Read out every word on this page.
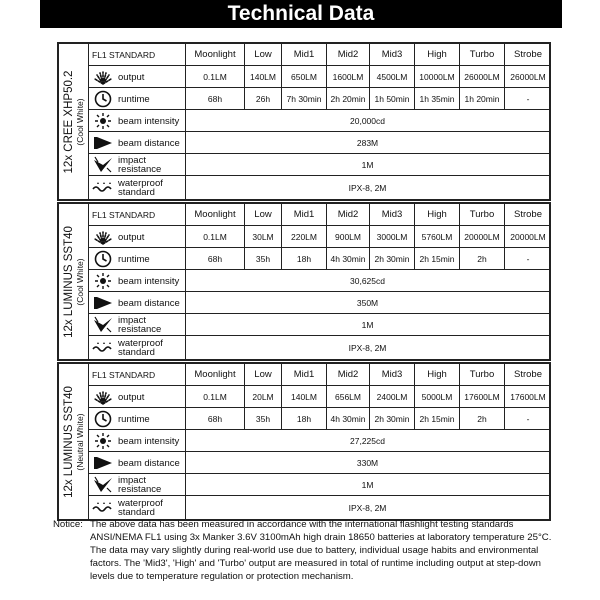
Technical Data
12x CREE XHP50.2 (Cool White)
FL1 STANDARD	Moonlight	Low	Mid1	Mid2	Mid3	High	Turbo	Strobe
output	0.1LM	140LM	650LM	1600LM	4500LM	10000LM	26000LM	26000LM
runtime	68h	26h	7h 30min	2h 20min	1h 50min	1h 35min	1h 20min	-
beam intensity	20,000cd
beam distance	283M
impact resistance	1M
waterproof standard	IPX-8, 2M
12x LUMINUS SST40 (Cool White)
FL1 STANDARD	Moonlight	Low	Mid1	Mid2	Mid3	High	Turbo	Strobe
output	0.1LM	30LM	220LM	900LM	3000LM	5760LM	20000LM	20000LM
runtime	68h	35h	18h	4h 30min	2h 30min	2h 15min	2h	-
beam intensity	30,625cd
beam distance	350M
impact resistance	1M
waterproof standard	IPX-8, 2M
12x LUMINUS SST40 (Neutral White)
FL1 STANDARD	Moonlight	Low	Mid1	Mid2	Mid3	High	Turbo	Strobe
output	0.1LM	20LM	140LM	656LM	2400LM	5000LM	17600LM	17600LM
runtime	68h	35h	18h	4h 30min	2h 30min	2h 15min	2h	-
beam intensity	27,225cd
beam distance	330M
impact resistance	1M
waterproof standard	IPX-8, 2M
Notice: The above data has been measured in accordance with the international flashlight testing standards ANSI/NEMA FL1 using 3x Manker 3.6V 3100mAh high drain 18650 batteries at laboratory temperature 25°C. The data may vary slightly during real-world use due to battery, individual usage habits and environmental factors. The 'Mid3', 'High' and 'Turbo' output are measured in total of runtime including output at step-down levels due to temperature regulation or protection mechanism.
